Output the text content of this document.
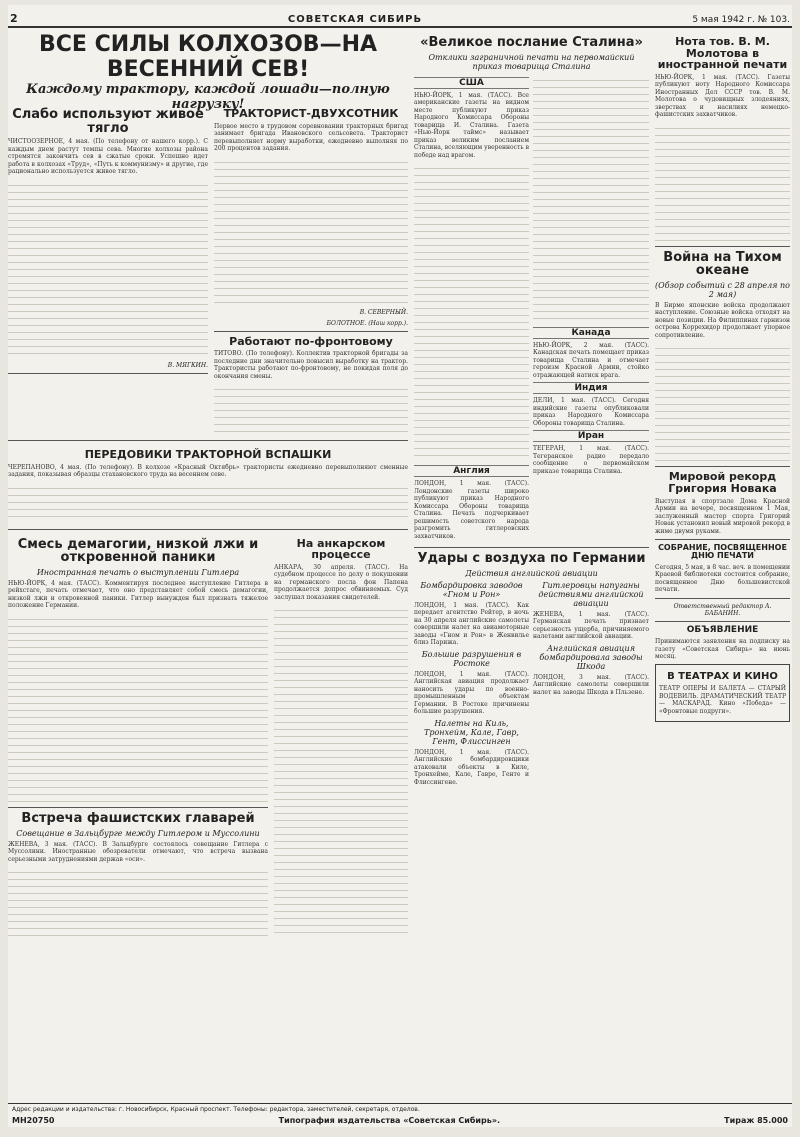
2	СОВЕТСКАЯ СИБИРЬ	5 мая 1942 г. № 103.
ВСЕ СИЛЫ КОЛХОЗОВ—НА ВЕСЕННИЙ СЕВ!
Каждому трактору, каждой лошади—полную нагрузку!
Слабо используют живое тягло

ЧИСТООЗЕРНОЕ, 4 мая. (По телефону от нашего корр.). С каждым днем растут темпы сева. Многие колхозы района стремятся закончить сев в сжатые сроки. Успешно идет работа в колхозах «Труд», «Путь к коммунизму» и другие, где рационально используется живое тягло.

В. МЯГКИН.

ТРАКТОРИСТ-ДВУХСОТНИК

Первое место в трудовом соревновании тракторных бригад занимает бригада Ивановского сельсовета. Тракторист перевыполняет норму выработки, ежедневно выполняя по 200 процентов задания.

В. СЕВЕРНЫЙ.

БОЛОТНОЕ. (Наш корр.).

Работают по-фронтовому

ТИТОВО. (По телефону). Коллектив тракторной бригады за последние дни значительно повысил выработку на трактор. Трактористы работают по-фронтовому, не покидая поля до окончания смены.

ПЕРЕДОВИКИ ТРАКТОРНОЙ ВСПАШКИ

ЧЕРЕПАНОВО, 4 мая. (По телефону). В колхозе «Красный Октябрь» трактористы ежедневно перевыполняют сменные задания, показывая образцы стахановского труда на весеннем севе.

Смесь демагогии, низкой лжи и откровенной паники

Иностранная печать о выступлении Гитлера

НЬЮ-ЙОРК, 4 мая. (ТАСС). Комментируя последнее выступление Гитлера в рейхстаге, печать отмечает, что оно представляет собой смесь демагогии, низкой лжи и откровенной паники. Гитлер вынужден был признать тяжелое положение Германии.

Встреча фашистских главарей

Совещание в Зальцбурге между Гитлером и Муссолини

ЖЕНЕВА, 3 мая. (ТАСС). В Зальцбурге состоялось совещание Гитлера с Муссолини. Иностранные обозреватели отмечают, что встреча вызвана серьезными затруднениями держав «оси».

На анкарском процессе

АНКАРА, 30 апреля. (ТАСС). На судебном процессе по делу о покушении на германского посла фон Папена продолжается допрос обвиняемых. Суд заслушал показания свидетелей.

«Великое послание Сталина»

Отклики заграничной печати на первомайский приказ товарища Сталина

США

НЬЮ-ЙОРК, 1 мая. (ТАСС). Все американские газеты на видном месте публикуют приказ Народного Комиссара Обороны товарища И. Сталина. Газета «Нью-Йорк таймс» называет приказ великим посланием Сталина, вселяющим уверенность в победе над врагом.

Англия

ЛОНДОН, 1 мая. (ТАСС). Лондонские газеты широко публикуют приказ Народного Комиссара Обороны товарища Сталина. Печать подчеркивает решимость советского народа разгромить гитлеровских захватчиков.

Канада

НЬЮ-ЙОРК, 2 мая. (ТАСС). Канадская печать помещает приказ товарища Сталина и отмечает героизм Красной Армии, стойко отражающей натиск врага.

Индия

ДЕЛИ, 1 мая. (ТАСС). Сегодня индийские газеты опубликовали приказ Народного Комиссара Обороны товарища Сталина.

Иран

ТЕГЕРАН, 1 мая. (ТАСС). Тегеранское радио передало сообщение о первомайском приказе товарища Сталина.

Удары с воздуха по Германии

Действия английской авиации

Бомбардировка заводов «Гном и Рон»

ЛОНДОН, 1 мая. (ТАСС). Как передает агентство Рейтер, в ночь на 30 апреля английские самолеты совершили налет на авиамоторные заводы «Гном и Рон» в Женвилье близ Парижа.

Большие разрушения в Ростоке

ЛОНДОН, 1 мая. (ТАСС). Английская авиация продолжает наносить удары по военно-промышленным объектам Германии. В Ростоке причинены большие разрушения.

Налеты на Киль, Тронхейм, Кале, Гавр, Гент, Флиссинген

ЛОНДОН, 1 мая. (ТАСС). Английские бомбардировщики атаковали объекты в Киле, Тронхейме, Кале, Гавре, Генте и Флиссингене.

Гитлеровцы напуганы действиями английской авиации

ЖЕНЕВА, 1 мая. (ТАСС). Германская печать признает серьезность ущерба, причиняемого налетами английской авиации.

Английская авиация бомбардировала заводы Шкода

ЛОНДОН, 3 мая. (ТАСС). Английские самолеты совершили налет на заводы Шкода в Пльзене.

Нота тов. В. М. Молотова в иностранной печати

НЬЮ-ЙОРК, 1 мая. (ТАСС). Газеты публикуют ноту Народного Комиссара Иностранных Дел СССР тов. В. М. Молотова о чудовищных злодеяниях, зверствах и насилиях немецко-фашистских захватчиков.

Война на Тихом океане

(Обзор событий с 28 апреля по 2 мая)

В Бирме японские войска продолжают наступление. Союзные войска отходят на новые позиции. На Филиппинах гарнизон острова Коррехидор продолжает упорное сопротивление.

Мировой рекорд Григория Новака

Выступая в спортзале Дома Красной Армии на вечере, посвященном 1 Мая, заслуженный мастер спорта Григорий Новак установил новый мировой рекорд в жиме двумя руками.

СОБРАНИЕ, ПОСВЯЩЕННОЕ ДНЮ ПЕЧАТИ

Сегодня, 5 мая, в 8 час. веч. в помещении Краевой библиотеки состоится собрание, посвященное Дню большевистской печати.

Ответственный редактор А. БАБАНИН.

ОБЪЯВЛЕНИЕ

Принимаются заявления на подписку на газету «Советская Сибирь» на июнь месяц.

В ТЕАТРАХ И КИНО

ТЕАТР ОПЕРЫ И БАЛЕТА — СТАРЫЙ ВОДЕВИЛЬ. ДРАМАТИЧЕСКИЙ ТЕАТР — МАСКАРАД. Кино «Победа» — «Фронтовые подруги».

Адрес редакции и издательства: г. Новосибирск, Красный проспект. Телефоны: редактора, заместителей, секретаря, отделов.
МН20750	Типография издательства «Советская Сибирь».	Тираж 85.000
